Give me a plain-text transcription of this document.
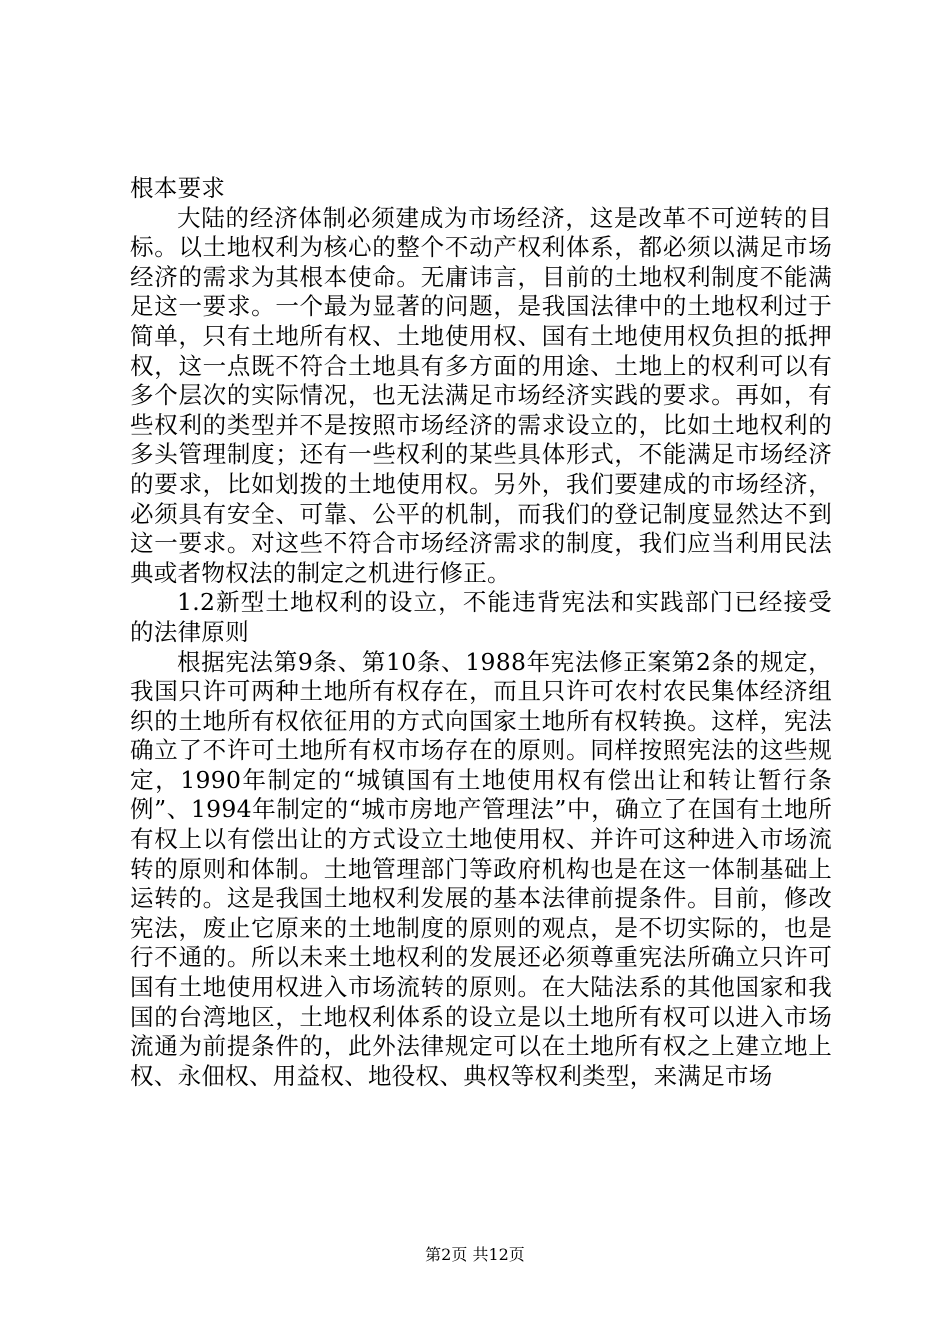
根本要求

大陆的经济体制必须建成为市场经济，这是改革不可逆转的目标。以土地权利为核心的整个不动产权利体系，都必须以满足市场经济的需求为其根本使命。无庸讳言，目前的土地权利制度不能满足这一要求。一个最为显著的问题，是我国法律中的土地权利过于简单，只有土地所有权、土地使用权、国有土地使用权负担的抵押权，这一点既不符合土地具有多方面的用途、土地上的权利可以有多个层次的实际情况，也无法满足市场经济实践的要求。再如，有些权利的类型并不是按照市场经济的需求设立的，比如土地权利的多头管理制度；还有一些权利的某些具体形式，不能满足市场经济的要求，比如划拨的土地使用权。另外，我们要建成的市场经济，必须具有安全、可靠、公平的机制，而我们的登记制度显然达不到这一要求。对这些不符合市场经济需求的制度，我们应当利用民法典或者物权法的制定之机进行修正。

1.2新型土地权利的设立，不能违背宪法和实践部门已经接受的法律原则

根据宪法第9条、第10条、1988年宪法修正案第2条的规定，我国只许可两种土地所有权存在，而且只许可农村农民集体经济组织的土地所有权依征用的方式向国家土地所有权转换。这样，宪法确立了不许可土地所有权市场存在的原则。同样按照宪法的这些规定，1990年制定的“城镇国有土地使用权有偿出让和转让暂行条例”、1994年制定的“城市房地产管理法”中，确立了在国有土地所有权上以有偿出让的方式设立土地使用权、并许可这种进入市场流转的原则和体制。土地管理部门等政府机构也是在这一体制基础上运转的。这是我国土地权利发展的基本法律前提条件。目前，修改宪法，废止它原来的土地制度的原则的观点，是不切实际的，也是行不通的。所以未来土地权利的发展还必须尊重宪法所确立只许可国有土地使用权进入市场流转的原则。在大陆法系的其他国家和我国的台湾地区，土地权利体系的设立是以土地所有权可以进入市场流通为前提条件的，此外法律规定可以在土地所有权之上建立地上权、永佃权、用益权、地役权、典权等权利类型，来满足市场

第2页 共12页
